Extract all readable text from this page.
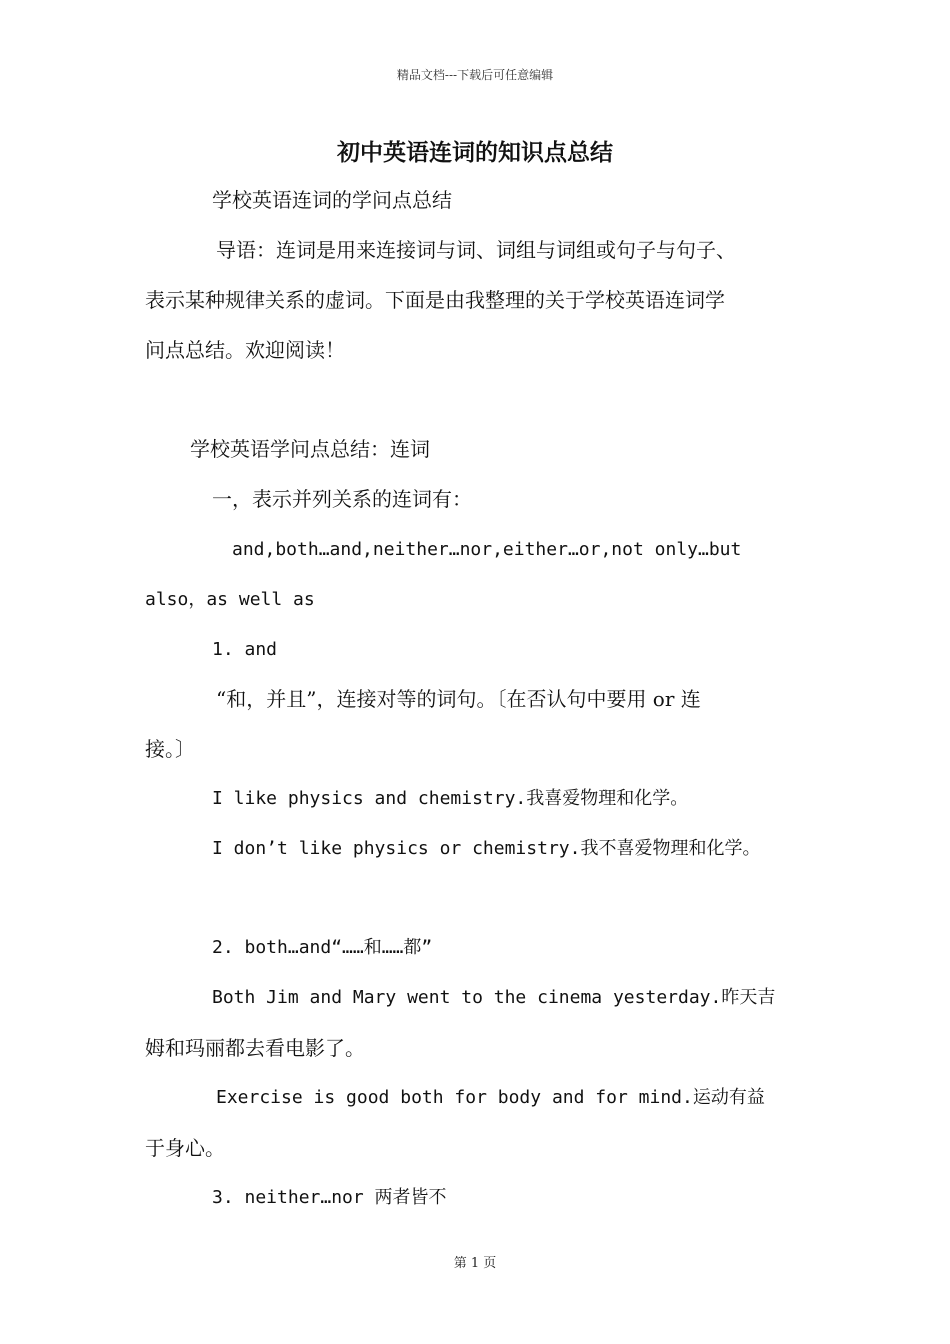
精品文档---下载后可任意编辑
初中英语连词的知识点总结

学校英语连词的学问点总结

导语：连词是用来连接词与词、词组与词组或句子与句子、

表示某种规律关系的虚词。下面是由我整理的关于学校英语连词学

问点总结。欢迎阅读！

学校英语学问点总结：连词

一，表示并列关系的连词有：

and,both…and,neither…nor,either…or,not only…but

also，as well as

1. and

“和，并且”，连接对等的词句。〔在否认句中要用 or 连

接。〕

I like physics and chemistry.我喜爱物理和化学。

I don’t like physics or chemistry.我不喜爱物理和化学。

2. both…and“……和……都”

Both Jim and Mary went to the cinema yesterday.昨天吉

姆和玛丽都去看电影了。

Exercise is good both for body and for mind.运动有益

于身心。

3. neither…nor 两者皆不

第 1 页
